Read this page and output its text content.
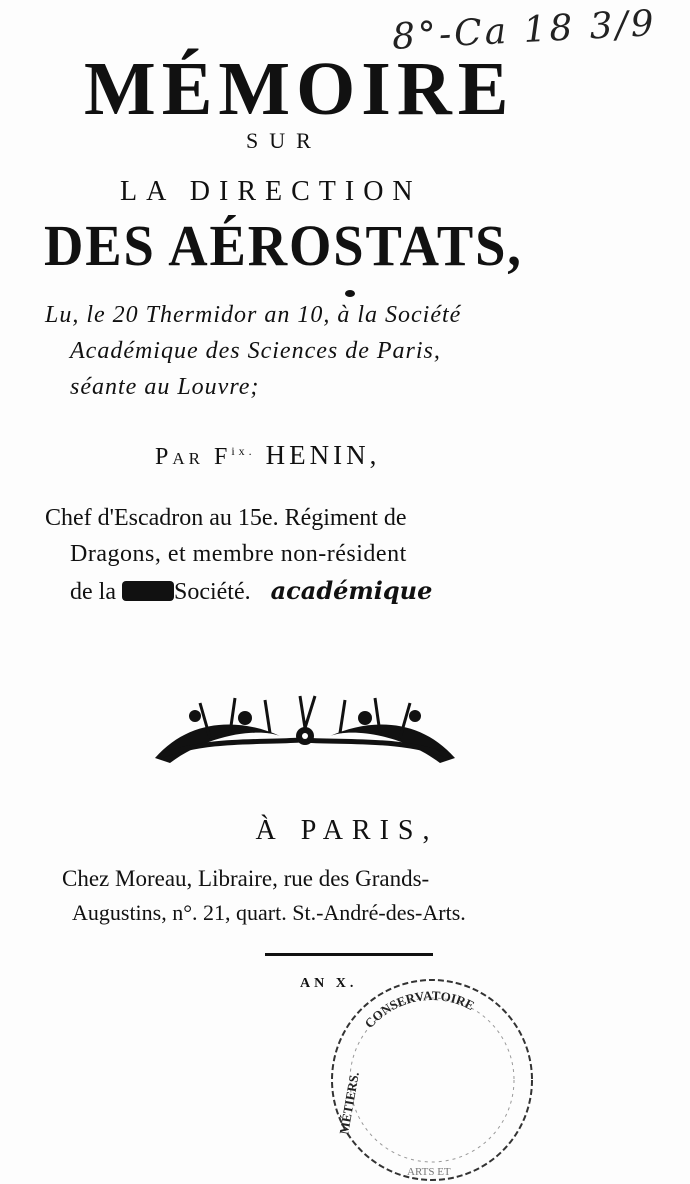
8°-Ca 18 3/9
MÉMOIRE
SUR
LA DIRECTION
DES AÉROSTATS,
Lu, le 20 Thermidor an 10, à la Société
Académique des Sciences de Paris,
séante au Louvre;
Par $F^{ix.}$ HENIN,
Chef d'Escadron au 15e. Régiment de
Dragons, et membre non-résident
de la Société. académique
À PARIS,
Chez Moreau, Libraire, rue des Grands-
Augustins, n°. 21, quart. St.-André-des-Arts.
AN X.
CONSERVATOIRE
MÉTIERS.
ARTS ET
